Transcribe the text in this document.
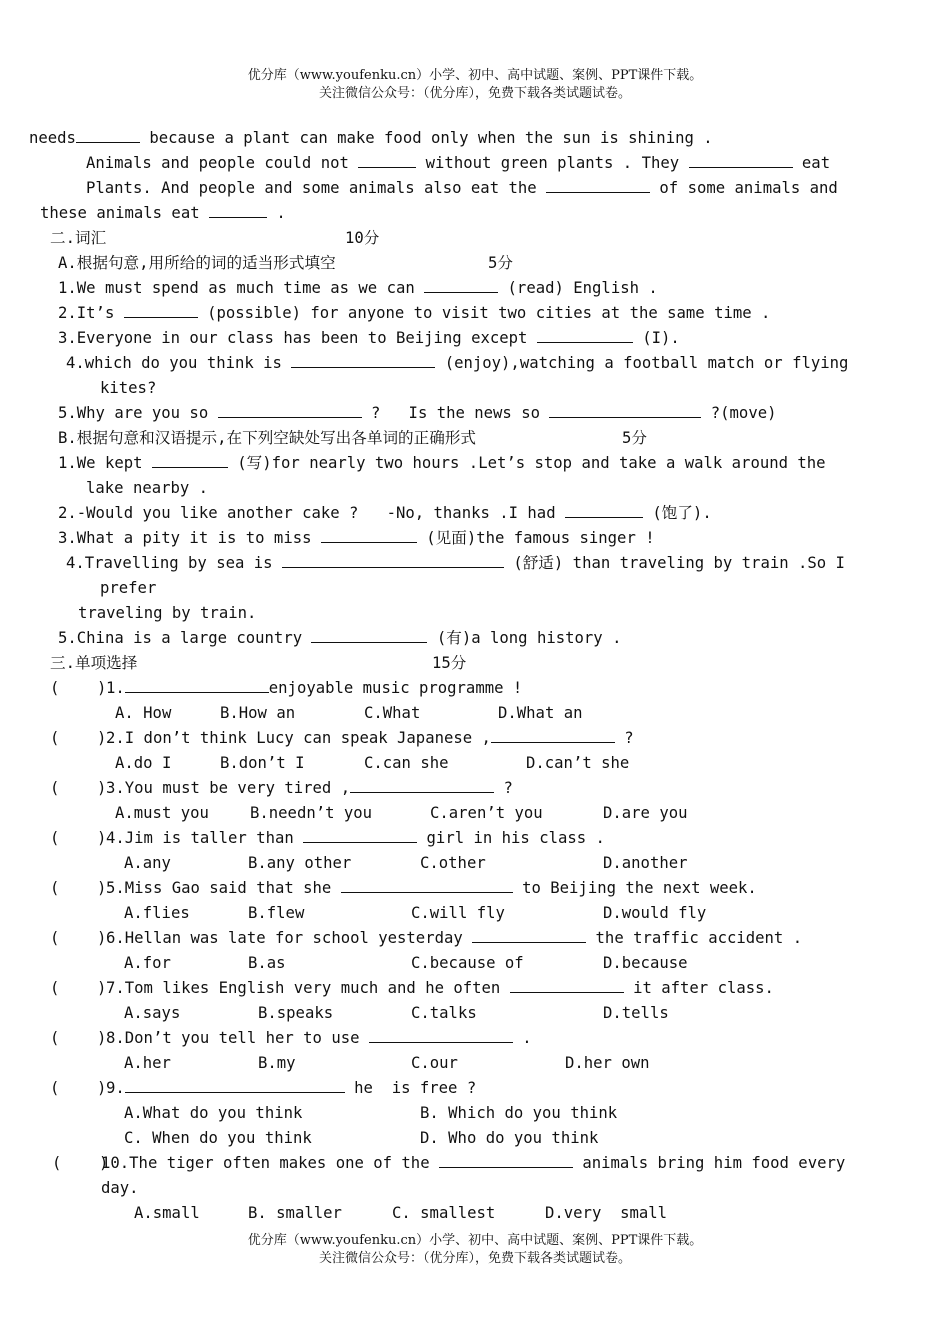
优分库（www.youfenku.cn）小学、初中、高中试题、案例、PPT课件下载。
关注微信公众号：（优分库），免费下载各类试题试卷。
needs	because a plant can make food only when the sun is shining .
Animals and people could not	without green plants . They	eat
Plants. And people and some animals also eat the	of some animals and
these animals eat	.
二.词汇	10分
A.根据句意,用所给的词的适当形式填空	5分
1.We must spend as much time as we can	(read) English .
2.It’s	(possible) for anyone to visit two cities at the same time .
3.Everyone in our class has been to Beijing except	(I).
4.which do you think is	(enjoy),watching a football match or flying
kites?
5.Why are you so	?   Is the news so	?(move)
B.根据句意和汉语提示,在下列空缺处写出各单词的正确形式	5分
1.We kept	(写)for nearly two hours .Let’s stop and take a walk around the
lake nearby .
2.-Would you like another cake ?   -No, thanks .I had	(饱了).
3.What a pity it is to miss	(见面)the famous singer !
4.Travelling by sea is	(舒适) than traveling by train .So I
prefer
traveling by train.
5.China is a large country	(有)a long history .
三.单项选择	15分
(    ) 1.	enjoyable music programme !
A. How	B.How an	C.What	D.What an
(    ) 2.I don’t think Lucy can speak Japanese ,	?
A.do I	B.don’t I	C.can she	D.can’t she
(    ) 3.You must be very tired ,	?
A.must you	B.needn’t you	C.aren’t you	D.are you
(    ) 4.Jim is taller than	girl in his class .
A.any	B.any other	C.other	D.another
(    ) 5.Miss Gao said that she	to Beijing the next week.
A.flies	B.flew	C.will fly	D.would fly
(    ) 6.Hellan was late for school yesterday	the traffic accident .
A.for	B.as	C.because of	D.because
(    ) 7.Tom likes English very much and he often	it after class.
A.says	B.speaks	C.talks	D.tells
(    ) 8.Don’t you tell her to use	.
A.her	B.my	C.our	D.her own
(    ) 9.	he  is free ?
A.What do you think	B. Which do you think
C. When do you think	D. Who do you think
(    )
10.The tiger often makes one of the	animals bring him food every
day.
A.small	B. smaller	C. smallest	D.very  small
优分库（www.youfenku.cn）小学、初中、高中试题、案例、PPT课件下载。
关注微信公众号：（优分库），免费下载各类试题试卷。
